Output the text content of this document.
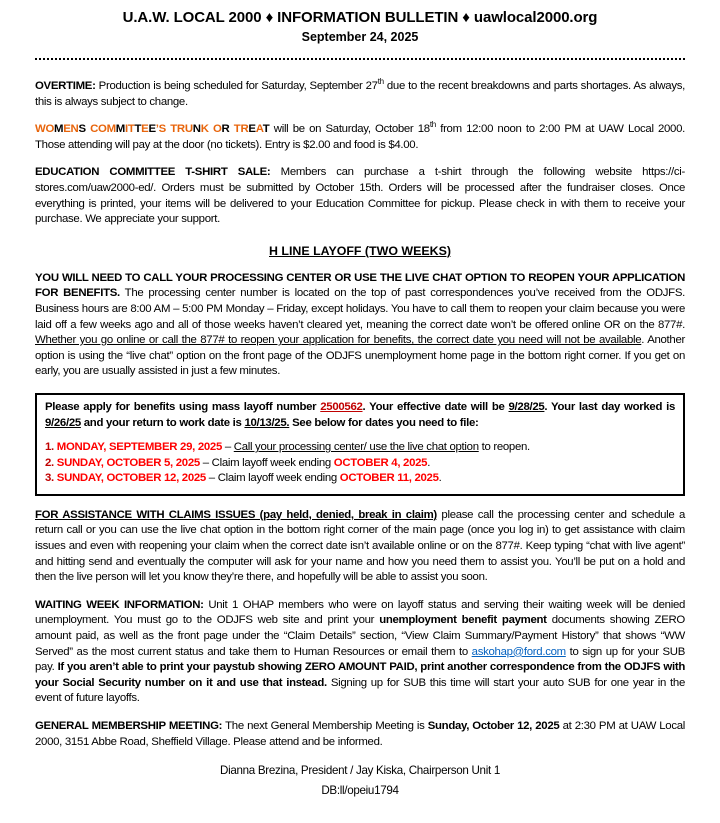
U.A.W. LOCAL 2000 ♦ INFORMATION BULLETIN ♦ uawlocal2000.org
September 24, 2025
OVERTIME: Production is being scheduled for Saturday, September 27th due to the recent breakdowns and parts shortages. As always, this is always subject to change.
WOMENS COMMITTEE’S TRUNK OR TREAT will be on Saturday, October 18th from 12:00 noon to 2:00 PM at UAW Local 2000. Those attending will pay at the door (no tickets). Entry is $2.00 and food is $4.00.
EDUCATION COMMITTEE T-SHIRT SALE: Members can purchase a t-shirt through the following website https://ci-stores.com/uaw2000-ed/. Orders must be submitted by October 15th. Orders will be processed after the fundraiser closes. Once everything is printed, your items will be delivered to your Education Committee for pickup. Please check in with them to receive your purchase. We appreciate your support.
H LINE LAYOFF (TWO WEEKS)
YOU WILL NEED TO CALL YOUR PROCESSING CENTER OR USE THE LIVE CHAT OPTION TO REOPEN YOUR APPLICATION FOR BENEFITS. The processing center number is located on the top of past correspondences you’ve received from the ODJFS. Business hours are 8:00 AM – 5:00 PM Monday – Friday, except holidays. You have to call them to reopen your claim because you were laid off a few weeks ago and all of those weeks haven’t cleared yet, meaning the correct date won’t be offered online OR on the 877#. Whether you go online or call the 877# to reopen your application for benefits, the correct date you need will not be available. Another option is using the “live chat” option on the front page of the ODJFS unemployment home page in the bottom right corner. If you get on early, you are usually assisted in just a few minutes.
Please apply for benefits using mass layoff number 2500562. Your effective date will be 9/28/25. Your last day worked is 9/26/25 and your return to work date is 10/13/25. See below for dates you need to file:
1. MONDAY, SEPTEMBER 29, 2025 – Call your processing center/ use the live chat option to reopen.
2. SUNDAY, OCTOBER 5, 2025 – Claim layoff week ending OCTOBER 4, 2025.
3. SUNDAY, OCTOBER 12, 2025 – Claim layoff week ending OCTOBER 11, 2025.
FOR ASSISTANCE WITH CLAIMS ISSUES (pay held, denied, break in claim) please call the processing center and schedule a return call or you can use the live chat option in the bottom right corner of the main page (once you log in) to get assistance with claim issues and even with reopening your claim when the correct date isn’t available online or on the 877#. Keep typing “chat with live agent” and hitting send and eventually the computer will ask for your name and how you need them to assist you. You’ll be put on a hold and then the live person will let you know they’re there, and hopefully will be able to assist you soon.
WAITING WEEK INFORMATION: Unit 1 OHAP members who were on layoff status and serving their waiting week will be denied unemployment. You must go to the ODJFS web site and print your unemployment benefit payment documents showing ZERO amount paid, as well as the front page under the “Claim Details” section, “View Claim Summary/Payment History” that shows “WW Served” as the most current status and take them to Human Resources or email them to askohap@ford.com to sign up for your SUB pay. If you aren’t able to print your paystub showing ZERO AMOUNT PAID, print another correspondence from the ODJFS with your Social Security number on it and use that instead. Signing up for SUB this time will start your auto SUB for one year in the event of future layoffs.
GENERAL MEMBERSHIP MEETING: The next General Membership Meeting is Sunday, October 12, 2025 at 2:30 PM at UAW Local 2000, 3151 Abbe Road, Sheffield Village. Please attend and be informed.
Dianna Brezina, President / Jay Kiska, Chairperson Unit 1
DB:ll/opeiu1794
